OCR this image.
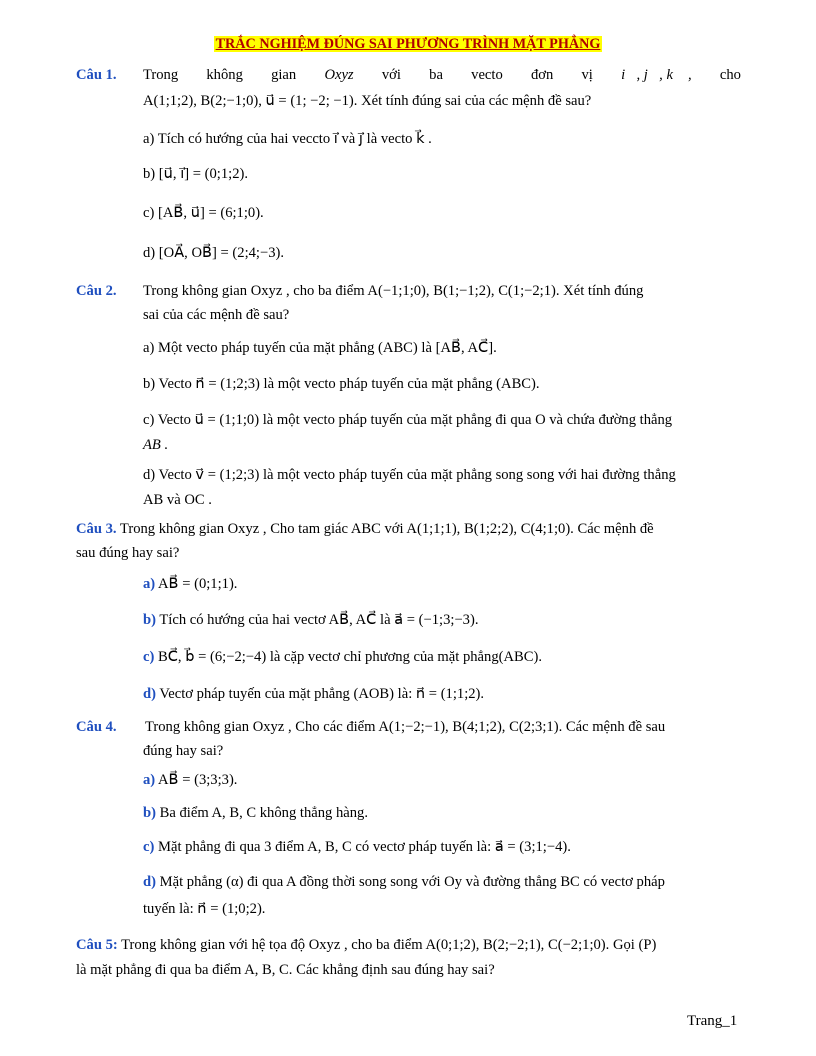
TRẮC NGHIỆM ĐÚNG SAI PHƯƠNG TRÌNH MẶT PHẲNG
Câu 1. Trong không gian Oxyz với ba vecto đơn vị i⃗, j⃗, k⃗ , cho
A(1;1;2), B(2;−1;0), u⃗ = (1; −2; −1). Xét tính đúng sai của các mệnh đề sau?
a) Tích có hướng của hai veccto i⃗ và j⃗ là vecto k⃗ .
b) [u⃗, i⃗] = (0;1;2).
c) [AB⃗, u⃗] = (6;1;0).
d) [OA⃗, OB⃗] = (2;4;−3).
Câu 2. Trong không gian Oxyz , cho ba điểm A(−1;1;0), B(1;−1;2), C(1;−2;1). Xét tính đúng
sai của các mệnh đề sau?
a) Một vecto pháp tuyến của mặt phẳng (ABC) là [AB⃗, AC⃗].
b) Vecto n⃗ = (1;2;3) là một vecto pháp tuyến của mặt phẳng (ABC).
c) Vecto u⃗ = (1;1;0) là một vecto pháp tuyến của mặt phẳng đi qua O và chứa đường thẳng
AB .
d) Vecto v⃗ = (1;2;3) là một vecto pháp tuyến của mặt phẳng song song với hai đường thẳng
AB và OC .
Câu 3. Trong không gian Oxyz , Cho tam giác ABC với A(1;1;1), B(1;2;2), C(4;1;0). Các mệnh đề
sau đúng hay sai?
a) AB⃗ = (0;1;1).
b) Tích có hướng của hai vectơ AB⃗, AC⃗ là a⃗ = (−1;3;−3).
c) BC⃗, b⃗ = (6;−2;−4) là cặp vectơ chỉ phương của mặt phẳng(ABC).
d) Vectơ pháp tuyến của mặt phẳng (AOB) là: n⃗ = (1;1;2).
Câu 4. Trong không gian Oxyz , Cho các điểm A(1;−2;−1), B(4;1;2), C(2;3;1). Các mệnh đề sau
đúng hay sai?
a) AB⃗ = (3;3;3).
b) Ba điểm A, B, C không thẳng hàng.
c) Mặt phẳng đi qua 3 điểm A, B, C có vectơ pháp tuyến là: a⃗ = (3;1;−4).
d) Mặt phẳng (α) đi qua A đồng thời song song với Oy và đường thẳng BC có vectơ pháp
tuyến là: n⃗ = (1;0;2).
Câu 5: Trong không gian với hệ tọa độ Oxyz , cho ba điểm A(0;1;2), B(2;−2;1), C(−2;1;0). Gọi (P)
là mặt phẳng đi qua ba điểm A, B, C. Các khẳng định sau đúng hay sai?
Trang_1
